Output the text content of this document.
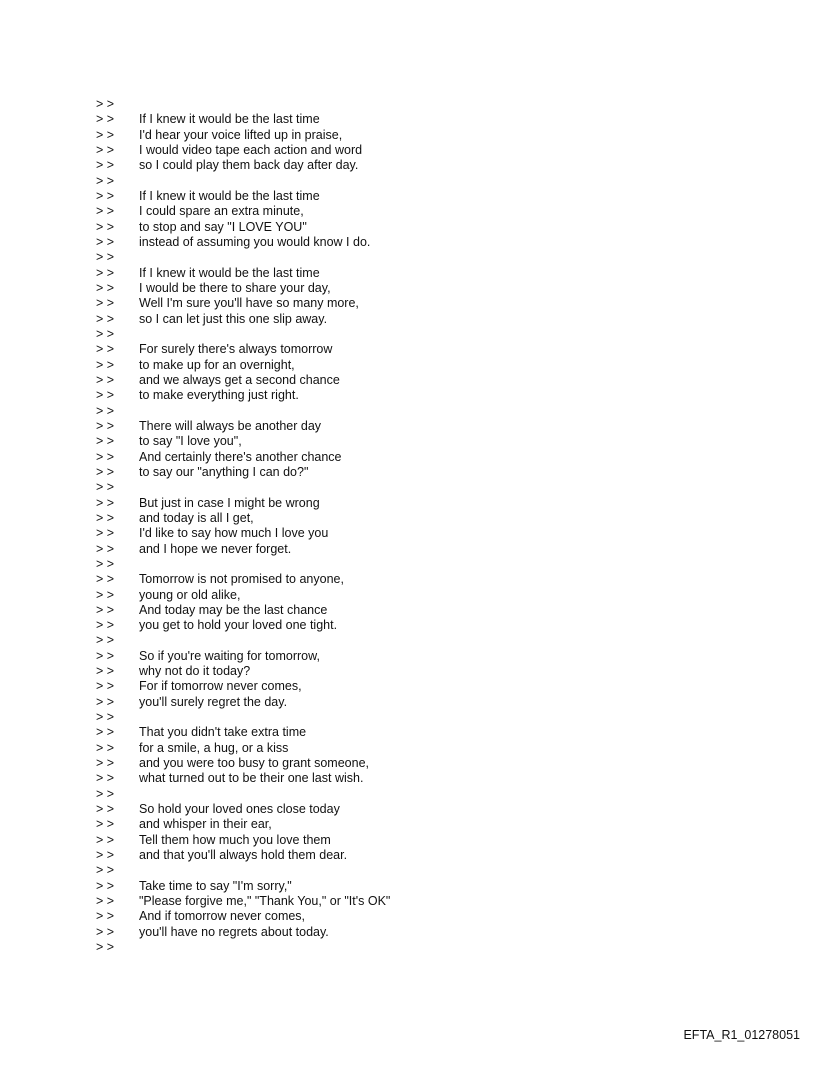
> >
> >	If I knew it would be the last time
> >	I'd hear your voice lifted up in praise,
> >	I would video tape each action and word
> >	so I could play them back day after day.
> >
> >	If I knew it would be the last time
> >	I could spare an extra minute,
> >	to stop and say "I LOVE YOU"
> >	instead of assuming you would know I do.
> >
> >	If I knew it would be the last time
> >	I would be there to share your day,
> >	Well I'm sure you'll have so many more,
> >	so I can let just this one slip away.
> >
> >	For surely there's always tomorrow
> >	to make up for an overnight,
> >	and we always get a second chance
> >	to make everything just right.
> >
> >	There will always be another day
> >	to say "I love you",
> >	And certainly there's another chance
> >	to say our "anything I can do?"
> >
> >	But just in case I might be wrong
> >	and today is all I get,
> >	I'd like to say how much I love you
> >	and I hope we never forget.
> >
> >	Tomorrow is not promised to anyone,
> >	young or old alike,
> >	And today may be the last chance
> >	you get to hold your loved one tight.
> >
> >	So if you're waiting for tomorrow,
> >	why not do it today?
> >	For if tomorrow never comes,
> >	you'll surely regret the day.
> >
> >	That you didn't take extra time
> >	for a smile, a hug, or a kiss
> >	and you were too busy to grant someone,
> >	what turned out to be their one last wish.
> >
> >	So hold your loved ones close today
> >	and whisper in their ear,
> >	Tell them how much you love them
> >	and that you'll always hold them dear.
> >
> >	Take time to say "I'm sorry,"
> >	"Please forgive me," "Thank You," or "It's OK"
> >	And if tomorrow never comes,
> >	you'll have no regrets about today.
> >
EFTA_R1_01278051
